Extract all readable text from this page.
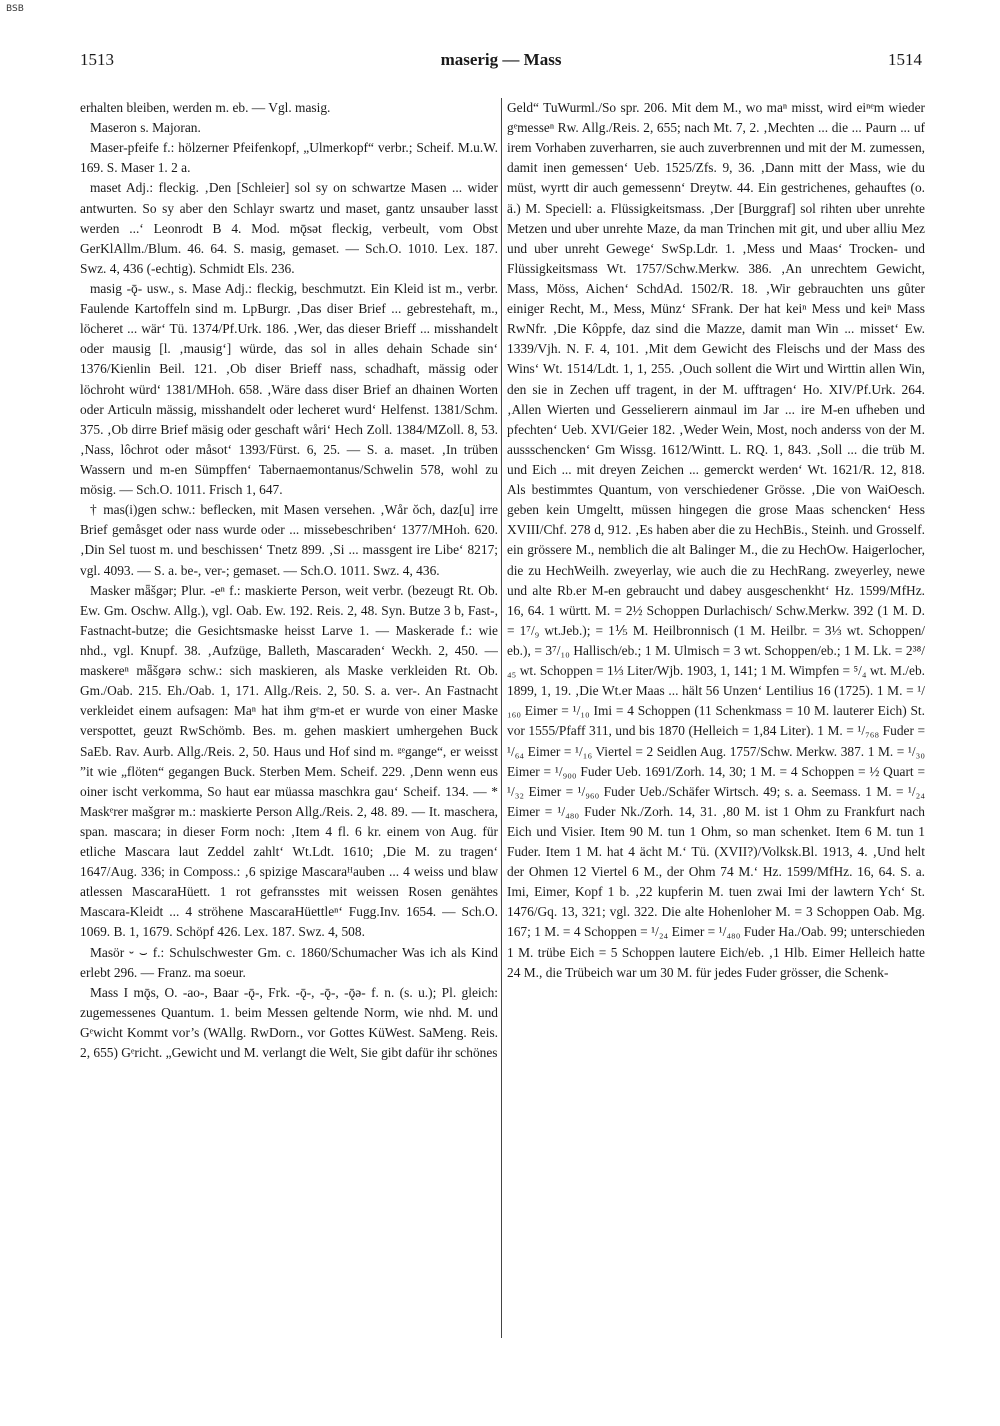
BSB
1513	maserig — Mass	1514

erhalten bleiben, werden m. eb. — Vgl. masig.

Maseron s. Majoran.

Maser-pfeife f.: hölzerner Pfeifenkopf, „Ulmerkopf“ verbr.; Scheif. M.u.W. 169. S. Maser 1. 2 a.

maset Adj.: fleckig. ‚Den [Schleier] sol sy on schwartze Masen ... wider antwurten. So sy aber den Schlayr swartz und maset, gantz unsauber lasst werden ...‘ Leonrodt B 4. Mod. mǭsət fleckig, verbeult, vom Obst GerKlAllm./Blum. 46. 64. S. masig, gemaset. — Sch.O. 1010. Lex. 187. Swz. 4, 436 (-echtig). Schmidt Els. 236.

masig -ǭ- usw., s. Mase Adj.: fleckig, beschmutzt. Ein Kleid ist m., verbr. Faulende Kartoffeln sind m. LpBurgr. ‚Das diser Brief ... gebrestehaft, m., löcheret ... wär‘ Tü. 1374/Pf.Urk. 186. ‚Wer, das dieser Brieff ... misshandelt oder mausig [l. ‚mausig‘] würde, das sol in alles dehain Schade sin‘ 1376/Kienlin Beil. 121. ‚Ob diser Brieff nass, schadhaft, mässig oder löchroht würd‘ 1381/MHoh. 658. ‚Wäre dass diser Brief an dhainen Worten oder Articuln mässig, misshandelt oder lecheret wurd‘ Helfenst. 1381/Schm. 375. ‚Ob dirre Brief mäsig oder geschaft wåri‘ Hech Zoll. 1384/MZoll. 8, 53. ‚Nass, lôchrot oder måsot‘ 1393/Fürst. 6, 25. — S. a. maset. ‚In trüben Wassern und m-en Sümpffen‘ Tabernaemontanus/Schwelin 578, wohl zu mösig. — Sch.O. 1011. Frisch 1, 647.

† mas(i)gen schw.: beflecken, mit Masen versehen. ‚Wår ŏch, daz[u] irre Brief gemåsget oder nass wurde oder ... missebeschriben‘ 1377/MHoh. 620. ‚Din Sel tuost m. und beschissen‘ Tnetz 899. ‚Si ... massgent ire Libe‘ 8217; vgl. 4093. — S. a. be-, ver-; gemaset. — Sch.O. 1011. Swz. 4, 436.

Masker mǟšgər; Plur. -eⁿ f.: maskierte Person, weit verbr. (bezeugt Rt. Ob. Ew. Gm. Oschw. Allg.), vgl. Oab. Ew. 192. Reis. 2, 48. Syn. Butze 3 b, Fast-, Fastnacht-butze; die Gesichtsmaske heisst Larve 1. — Maskerade f.: wie nhd., vgl. Knupf. 38. ‚Aufzüge, Balleth, Mascaraden‘ Weckh. 2, 450. — maskereⁿ mǟšgərə schw.: sich maskieren, als Maske verkleiden Rt. Ob. Gm./Oab. 215. Eh./Oab. 1, 171. Allg./Reis. 2, 50. S. a. ver-. An Fastnacht verkleidet einem aufsagen: Maⁿ hat ihm gᵉm-et er wurde von einer Maske verspottet, geuzt RwSchömb. Bes. m. gehen maskiert umhergehen Buck SaEb. Rav. Aurb. Allg./Reis. 2, 50. Haus und Hof sind m. ᵍᵉgange“, er weisst ˮit wie „flöten“ gegangen Buck. Sterben Mem. Scheif. 229. ‚Denn wenn eus oiner ischt verkomma, So haut ear müassa maschkra gau‘ Scheif. 134. — * Maskᵉrer mašgrər m.: maskierte Person Allg./Reis. 2, 48. 89. — It. maschera, span. mascara; in dieser Form noch: ‚Item 4 fl. 6 kr. einem von Aug. für etliche Mascara laut Zeddel zahlt‘ Wt.Ldt. 1610; ‚Die M. zu tragen‘ 1647/Aug. 336; in Composs.: ‚6 spizige Mascaraᴴauben ... 4 weiss und blaw atlessen MascaraHüett. 1 rot gefransstes mit weissen Rosen genähtes Mascara-Kleidt ... 4 ströhene MascaraHüettleⁿ‘ Fugg.Inv. 1654. — Sch.O. 1069. B. 1, 1679. Schöpf 426. Lex. 187. Swz. 4, 508.

Masör ⏑ ⌣ f.: Schulschwester Gm. c. 1860/Schumacher Was ich als Kind erlebt 296. — Franz. ma soeur.

Mass I mǭs, O. -ao-, Baar -ǭ-, Frk. -ǭ-, -ǭ-, -ǭə- f. n. (s. u.); Pl. gleich: zugemessenes Quantum. 1. beim Messen geltende Norm, wie nhd. M. und Gᵉwicht Kommt vor’s (WAllg. RwDorn., vor Gottes KüWest. SaMeng. Reis. 2, 655) Gᵉricht. „Gewicht und M. verlangt die Welt, Sie gibt dafür ihr schönes

Geld“ TuWurml./So spr. 206. Mit dem M., wo maⁿ misst, wird eiⁿᵉm wieder gᵉmesseⁿ Rw. Allg./Reis. 2, 655; nach Mt. 7, 2. ‚Mechten ... die ... Paurn ... uf irem Vorhaben zuverharren, sie auch zuverbrennen und mit der M. zumessen, damit inen gemessen‘ Ueb. 1525/Zfs. 9, 36. ‚Dann mitt der Mass, wie du müst, wyrtt dir auch gemessenn‘ Dreytw. 44. Ein gestrichenes, gehauftes (o. ä.) M. Speciell: a. Flüssigkeitsmass. ‚Der [Burggraf] sol rihten uber unrehte Metzen und uber unrehte Maze, da man Trinchen mit git, und uber alliu Mez und uber unreht Gewege‘ SwSp.Ldr. 1. ‚Mess und Maas‘ Trocken- und Flüssigkeitsmass Wt. 1757/Schw.Merkw. 386. ‚An unrechtem Gewicht, Mass, Möss, Aichen‘ SchdAd. 1502/R. 18. ‚Wir gebrauchten uns gůter einiger Recht, M., Mess, Münz‘ SFrank. Der hat keiⁿ Mess und keiⁿ Mass RwNfr. ‚Die Kôppfe, daz sind die Mazze, damit man Win ... misset‘ Ew. 1339/Vjh. N. F. 4, 101. ‚Mit dem Gewicht des Fleischs und der Mass des Wins‘ Wt. 1514/Ldt. 1, 1, 255. ‚Ouch sollent die Wirt und Wirttin allen Win, den sie in Zechen uff tragent, in der M. ufftragen‘ Ho. XIV/Pf.Urk. 264. ‚Allen Wierten und Gesselierern ainmaul im Jar ... ire M-en ufheben und pfechten‘ Ueb. XVI/Geier 182. ‚Weder Wein, Most, noch anderss von der M. aussschencken‘ Gm Wissg. 1612/Wintt. L. RQ. 1, 843. ‚Soll ... die trüb M. und Eich ... mit dreyen Zeichen ... gemerckt werden‘ Wt. 1621/R. 12, 818. Als bestimmtes Quantum, von verschiedener Grösse. ‚Die von WaiOesch. geben kein Umgeltt, müssen hingegen die grose Maas schencken‘ Hess XVIII/Chf. 278 d, 912. ‚Es haben aber die zu HechBis., Steinh. und Grosself. ein grössere M., nemblich die alt Balinger M., die zu HechOw. Haigerlocher, die zu HechWeilh. zweyerlay, wie auch die zu HechRang. zweyerley, newe und alte Rb.er M-en gebraucht und dabey ausgeschenkht‘ Hz. 1599/MfHz. 16, 64. 1 württ. M. = 2½ Schoppen Durlachisch/ Schw.Merkw. 392 (1 M. D. = 1⁷/₉ wt.Jeb.); = 1⅕ M. Heilbronnisch (1 M. Heilbr. = 3⅓ wt. Schoppen/ eb.), = 3⁷/₁₀ Hallisch/eb.; 1 M. Ulmisch = 3 wt. Schoppen/eb.; 1 M. Lk. = 2³⁸/₄₅ wt. Schoppen = 1⅓ Liter/Wjb. 1903, 1, 141; 1 M. Wimpfen = ⁵/₄ wt. M./eb. 1899, 1, 19. ‚Die Wt.er Maas ... hält 56 Unzen‘ Lentilius 16 (1725). 1 M. = ¹/₁₆₀ Eimer = ¹/₁₀ Imi = 4 Schoppen (11 Schenkmass = 10 M. lauterer Eich) St. vor 1555/Pfaff 311, und bis 1870 (Helleich = 1,84 Liter). 1 M. = ¹/₇₆₈ Fuder = ¹/₆₄ Eimer = ¹/₁₆ Viertel = 2 Seidlen Aug. 1757/Schw. Merkw. 387. 1 M. = ¹/₃₀ Eimer = ¹/₉₀₀ Fuder Ueb. 1691/Zorh. 14, 30; 1 M. = 4 Schoppen = ½ Quart = ¹/₃₂ Eimer = ¹/₉₆₀ Fuder Ueb./Schäfer Wirtsch. 49; s. a. Seemass. 1 M. = ¹/₂₄ Eimer = ¹/₄₈₀ Fuder Nk./Zorh. 14, 31. ‚80 M. ist 1 Ohm zu Frankfurt nach Eich und Visier. Item 90 M. tun 1 Ohm, so man schenket. Item 6 M. tun 1 Fuder. Item 1 M. hat 4 ächt M.‘ Tü. (XVII?)/Volksk.Bl. 1913, 4. ‚Und helt der Ohmen 12 Viertel 6 M., der Ohm 74 M.‘ Hz. 1599/MfHz. 16, 64. S. a. Imi, Eimer, Kopf 1 b. ‚22 kupferin M. tuen zwai Imi der lawtern Ych‘ St. 1476/Gq. 13, 321; vgl. 322. Die alte Hohenloher M. = 3 Schoppen Oab. Mg. 167; 1 M. = 4 Schoppen = ¹/₂₄ Eimer = ¹/₄₈₀ Fuder Ha./Oab. 99; unterschieden 1 M. trübe Eich = 5 Schoppen lautere Eich/eb. ‚1 Hlb. Eimer Helleich hatte 24 M., die Trübeich war um 30 M. für jedes Fuder grösser, die Schenk-
